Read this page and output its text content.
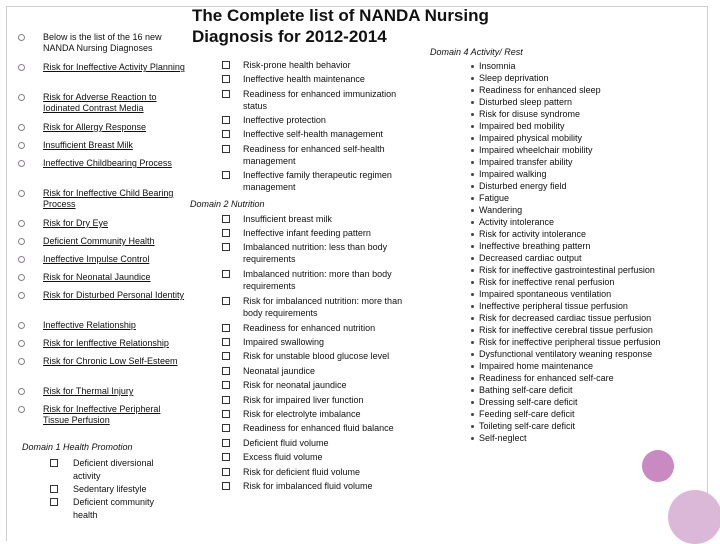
The Complete list of NANDA Nursing
Diagnosis for 2012-2014
Below is the list of the 16 new NANDA Nursing Diagnoses
Risk for Ineffective Activity Planning
Risk for Adverse Reaction to Iodinated Contrast Media
Risk for Allergy Response
Insufficient Breast Milk
Ineffective Childbearing Process
Risk for Ineffective Child Bearing Process
Risk for Dry Eye
Deficient Community Health
Ineffective Impulse Control
Risk for Neonatal Jaundice
Risk for Disturbed Personal Identity
Ineffective Relationship
Risk for Ienffective Relationship
Risk for Chronic Low Self-Esteem
Risk for Thermal Injury
Risk for Ineffective Peripheral Tissue Perfusion
Domain 1 Health Promotion
Deficient diversional activity
Sedentary lifestyle
Deficient community health
Risk-prone health behavior
Ineffective health maintenance
Readiness for enhanced immunization status
Ineffective protection
Ineffective self-health management
Readiness for enhanced self-health management
Ineffective family therapeutic regimen management
Domain 2 Nutrition
Insufficient breast milk
Ineffective infant feeding pattern
Imbalanced nutrition: less than body requirements
Imbalanced nutrition: more than body requirements
Risk for imbalanced nutrition: more than body requirements
Readiness for enhanced nutrition
Impaired swallowing
Risk for unstable blood glucose level
Neonatal jaundice
Risk for neonatal jaundice
Risk for impaired liver function
Risk for electrolyte imbalance
Readiness for enhanced fluid balance
Deficient fluid volume
Excess fluid volume
Risk for deficient fluid volume
Risk for imbalanced fluid volume
Domain 4 Activity/ Rest
Insomnia
Sleep deprivation
Readiness for enhanced sleep
Disturbed sleep pattern
Risk for disuse syndrome
Impaired bed mobility
Impaired physical mobility
Impaired wheelchair mobility
Impaired transfer ability
Impaired walking
Disturbed energy field
Fatigue
Wandering
Activity intolerance
Risk for activity intolerance
Ineffective breathing pattern
Decreased cardiac output
Risk for ineffective gastrointestinal perfusion
Risk for ineffective renal perfusion
Impaired spontaneous ventilation
Ineffective peripheral tissue perfusion
Risk for decreased cardiac tissue perfusion
Risk for ineffective cerebral tissue perfusion
Risk for ineffective peripheral tissue perfusion
Dysfunctional ventilatory weaning response
Impaired home maintenance
Readiness for enhanced self-care
Bathing self-care deficit
Dressing self-care deficit
Feeding self-care deficit
Toileting self-care deficit
Self-neglect
